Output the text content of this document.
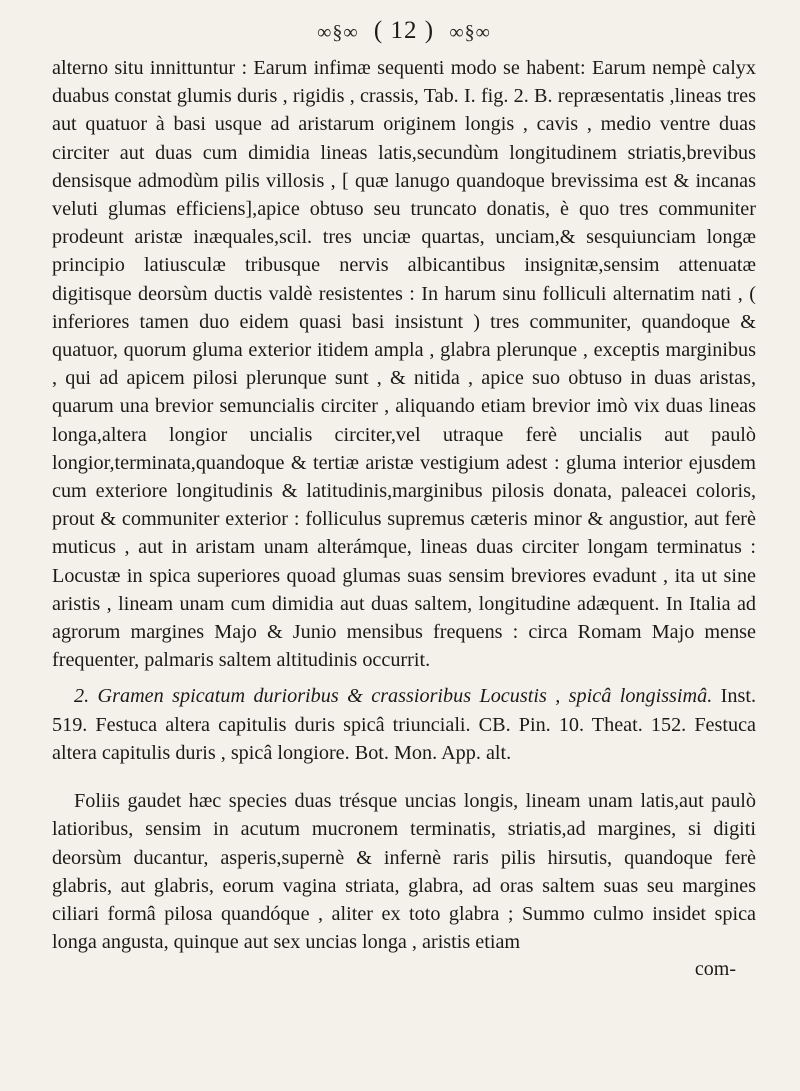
∞§∞ ( 12 ) ∞§∞

alterno situ innittuntur : Earum infimæ sequenti modo se habent: Earum nempè calyx duabus constat glumis duris , rigidis , crassis, Tab. I. fig. 2. B. repræsentatis ,lineas tres aut quatuor à basi usque ad aristarum originem longis , cavis , medio ventre duas circiter aut duas cum dimidia lineas latis,secundùm longitudinem striatis,brevibus densisque admodùm pilis villosis , [ quæ lanugo quandoque brevissima est & incanas veluti glumas efficiens],apice obtuso seu truncato donatis, è quo tres communiter prodeunt aristæ inæquales,scil. tres unciæ quartas, unciam,& sesquiunciam longæ principio latiusculæ tribusque nervis albicantibus insignitæ,sensim attenuatæ digitisque deorsùm ductis valdè resistentes : In harum sinu folliculi alternatim nati , ( inferiores tamen duo eidem quasi basi insistunt ) tres communiter, quandoque & quatuor, quorum gluma exterior itidem ampla , glabra plerunque , exceptis marginibus , qui ad apicem pilosi plerunque sunt , & nitida , apice suo obtuso in duas aristas, quarum una brevior semuncialis circiter , aliquando etiam brevior imò vix duas lineas longa,altera longior uncialis circiter,vel utraque ferè uncialis aut paulò longior,terminata,quandoque & tertiæ aristæ vestigium adest : gluma interior ejusdem cum exteriore longitudinis & latitudinis,marginibus pilosis donata, paleacei coloris, prout & communiter exterior : folliculus supremus cæteris minor & angustior, aut ferè muticus , aut in aristam unam alterámque, lineas duas circiter longam terminatus : Locustæ in spica superiores quoad glumas suas sensim breviores evadunt , ita ut sine aristis , lineam unam cum dimidia aut duas saltem, longitudine adæquent. In Italia ad agrorum margines Majo & Junio mensibus frequens : circa Romam Majo mense frequenter, palmaris saltem altitudinis occurrit.

2. Gramen spicatum durioribus & crassioribus Locustis , spicâ longissimâ. Inst. 519. Festuca altera capitulis duris spicâ triunciali. CB. Pin. 10. Theat. 152. Festuca altera capitulis duris , spicâ longiore. Bot. Mon. App. alt.

Foliis gaudet hæc species duas trésque uncias longis, lineam unam latis,aut paulò latioribus, sensim in acutum mucronem terminatis, striatis,ad margines, si digiti deorsùm ducantur, asperis,supernè & infernè raris pilis hirsutis, quandoque ferè glabris, aut glabris, eorum vagina striata, glabra, ad oras saltem suas seu margines ciliari formâ pilosa quandóque , aliter ex toto glabra ; Summo culmo insidet spica longa angusta, quinque aut sex uncias longa , aristis etiam

com-
